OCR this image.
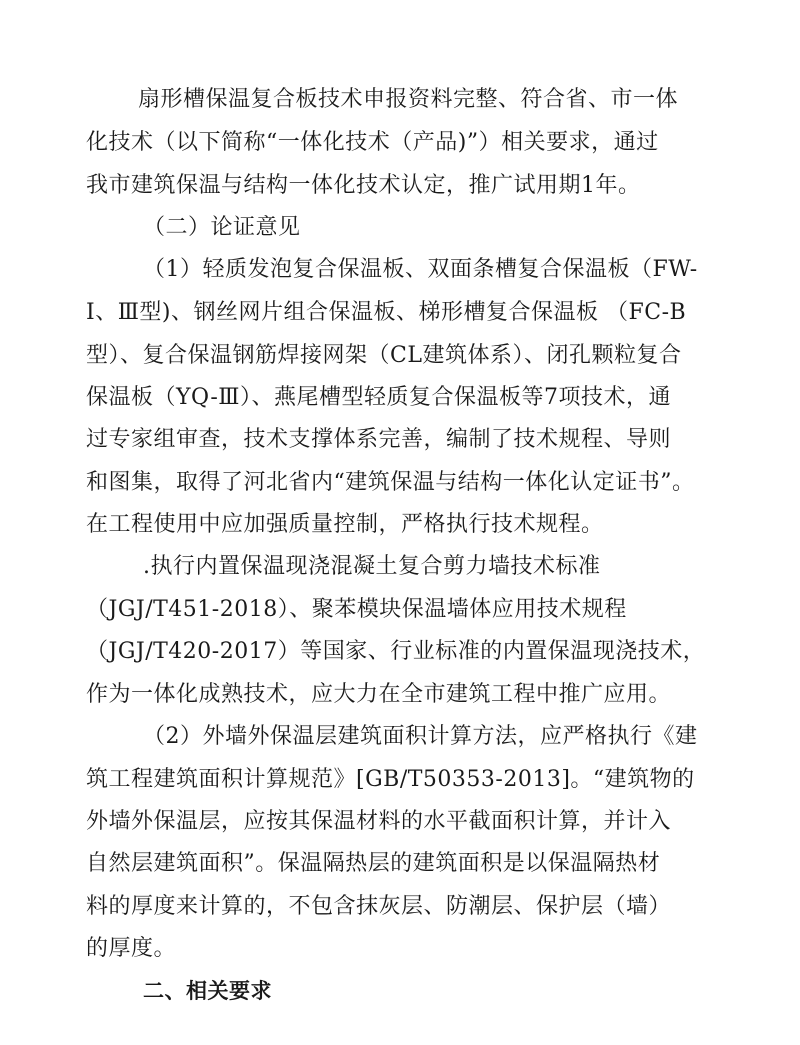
扇形槽保温复合板技术申报资料完整、符合省、市一体
化技术（以下简称“一体化技术（产品)”）相关要求，通过
我市建筑保温与结构一体化技术认定，推广试用期1年。
（二）论证意见
（1）轻质发泡复合保温板、双面条槽复合保温板（FW-
Ⅰ、Ⅲ型)、钢丝网片组合保温板、梯形槽复合保温板 （FC-B
型）、复合保温钢筋焊接网架（CL建筑体系）、闭孔颗粒复合
保温板（YQ-Ⅲ）、燕尾槽型轻质复合保温板等7项技术，通
过专家组审查，技术支撑体系完善，编制了技术规程、导则
和图集，取得了河北省内“建筑保温与结构一体化认定证书”。
在工程使用中应加强质量控制，严格执行技术规程。
.执行内置保温现浇混凝土复合剪力墙技术标准
（JGJ/T451-2018）、聚苯模块保温墙体应用技术规程
（JGJ/T420-2017）等国家、行业标准的内置保温现浇技术，
作为一体化成熟技术，应大力在全市建筑工程中推广应用。
（2）外墙外保温层建筑面积计算方法，应严格执行《建
筑工程建筑面积计算规范》[GB/T50353-2013]。“建筑物的
外墙外保温层，应按其保温材料的水平截面积计算，并计入
自然层建筑面积”。保温隔热层的建筑面积是以保温隔热材
料的厚度来计算的，不包含抹灰层、防潮层、保护层（墙）
的厚度。
二、相关要求
